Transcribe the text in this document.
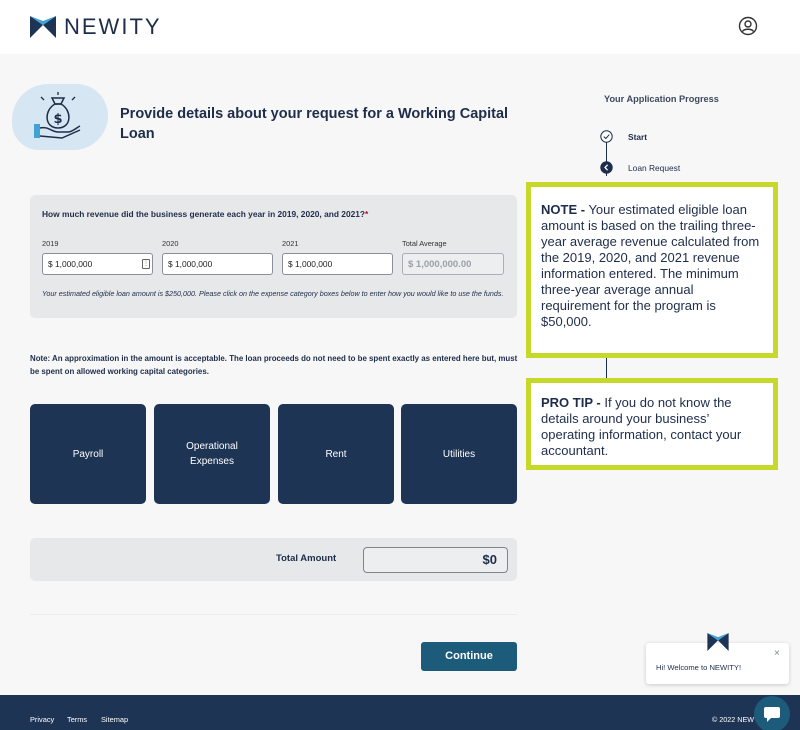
NEWITY
$	Provide details about your request for a Working Capital Loan
How much revenue did the business generate each year in 2019, 2020, and 2021?*
2019
$ 1,000,000
⋮
2020
$ 1,000,000	2021
$ 1,000,000	Total Average
$ 1,000,000.00
Your estimated eligible loan amount is $250,000. Please click on the expense category boxes below to enter how you would like to use the funds.
Note: An approximation in the amount is acceptable. The loan proceeds do not need to be spent exactly as entered here but, must be spent on allowed working capital categories.
Payroll
Operational Expenses
Rent	Utilities
Total Amount	$0
Continue
Your Application Progress
Start
Loan Request
NOTE - Your estimated eligible loan amount is based on the trailing three-year average revenue calculated from the 2019, 2020, and 2021 revenue information entered. The minimum three-year average annual requirement for the program is $50,000.
PRO TIP - If you do not know the details around your business’ operating information, contact your accountant.
Hi! Welcome to NEWITY!
×
Privacy Terms Sitemap	© 2022 NEW
